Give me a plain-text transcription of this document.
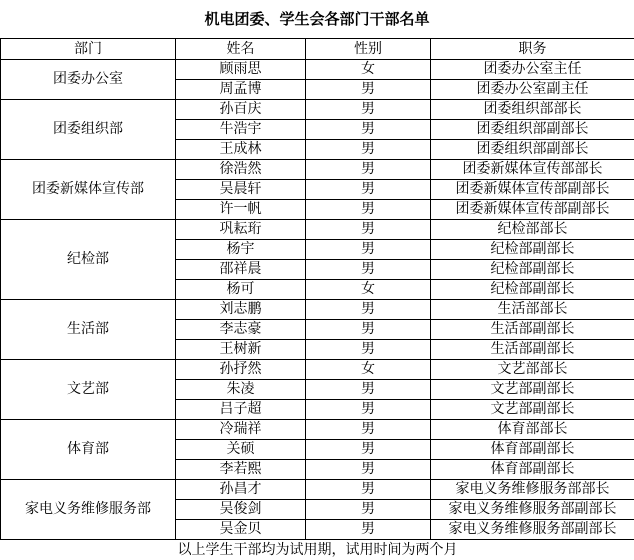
机电团委、学生会各部门干部名单
部门	姓名	性别	职务
团委办公室	顾雨思	女	团委办公室主任
	周孟博	男	团委办公室副主任
团委组织部	孙百庆	男	团委组织部部长
	牛浩宇	男	团委组织部副部长
	王成林	男	团委组织部副部长
团委新媒体宣传部	徐浩然	男	团委新媒体宣传部部长
	吴晨轩	男	团委新媒体宣传部副部长
	许一帆	男	团委新媒体宣传部副部长
纪检部	巩耘珩	男	纪检部部长
	杨宇	男	纪检部副部长
	邵祥晨	男	纪检部副部长
	杨可	女	纪检部副部长
生活部	刘志鹏	男	生活部部长
	李志豪	男	生活部副部长
	王树新	男	生活部副部长
文艺部	孙抒然	女	文艺部部长
	朱凌	男	文艺部副部长
	吕子超	男	文艺部副部长
体育部	冷瑞祥	男	体育部部长
	关硕	男	体育部副部长
	李若熙	男	体育部副部长
家电义务维修服务部	孙昌才	男	家电义务维修服务部部长
	吴俊剑	男	家电义务维修服务部副部长
	吴金贝	男	家电义务维修服务部副部长
以上学生干部均为试用期，试用时间为两个月			
